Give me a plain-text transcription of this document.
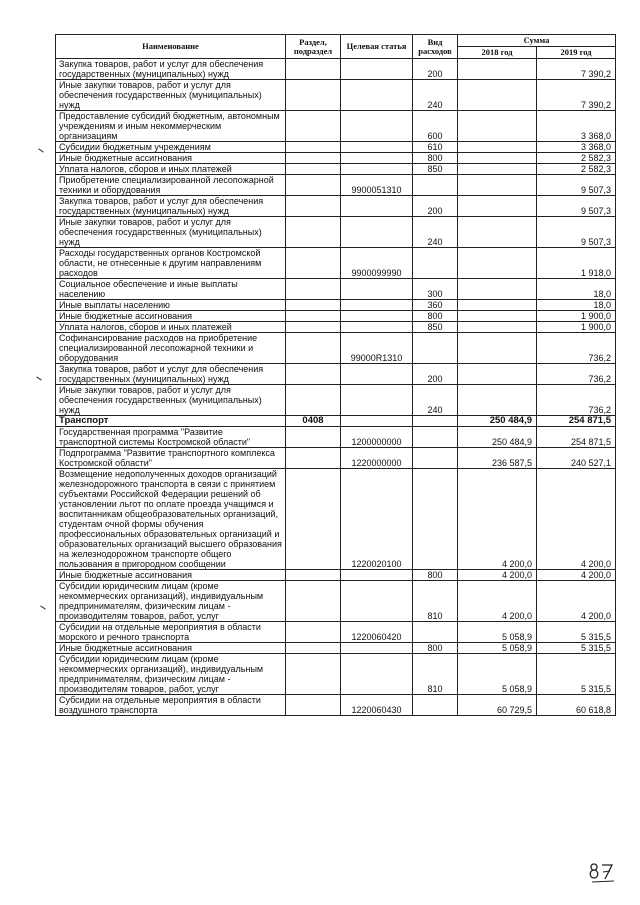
Наименование	Раздел, подраздел	Целевая статья	Вид расходов	Сумма	
				2018 год	2019 год
Закупка товаров, работ и услуг для обеспечения государственных (муниципальных) нужд			200		7 390,2
Иные закупки товаров, работ и услуг для обеспечения государственных (муниципальных) нужд			240		7 390,2
Предоставление субсидий бюджетным, автономным учреждениям и иным некоммерческим организациям			600		3 368,0
Субсидии бюджетным учреждениям			610		3 368,0
Иные бюджетные ассигнования			800		2 582,3
Уплата налогов, сборов и иных платежей			850		2 582,3
Приобретение специализированной лесопожарной техники и оборудования		9900051310			9 507,3
Закупка товаров, работ и услуг для обеспечения государственных (муниципальных) нужд			200		9 507,3
Иные закупки товаров, работ и услуг для обеспечения государственных (муниципальных) нужд			240		9 507,3
Расходы государственных органов Костромской области, не отнесенные к другим направлениям расходов		9900099990			1 918,0
Социальное обеспечение и иные выплаты населению			300		18,0
Иные выплаты населению			360		18,0
Иные бюджетные ассигнования			800		1 900,0
Уплата налогов, сборов и иных платежей			850		1 900,0
Софинансирование расходов на приобретение специализированной лесопожарной техники и оборудования		99000R1310			736,2
Закупка товаров, работ и услуг для обеспечения государственных (муниципальных) нужд			200		736,2
Иные закупки товаров, работ и услуг для обеспечения государственных (муниципальных) нужд			240		736,2
Транспорт	0408			250 484,9	254 871,5
Государственная программа "Развитие транспортной системы Костромской области"		1200000000		250 484,9	254 871,5
Подпрограмма "Развитие транспортного комплекса Костромской области"		1220000000		236 587,5	240 527,1
Возмещение недополученных доходов организаций железнодорожного транспорта в связи с принятием субъектами Российской Федерации решений об установлении льгот по оплате проезда учащимся и воспитанникам общеобразовательных организаций, студентам очной формы обучения профессиональных образовательных организаций и образовательных организаций высшего образования на железнодорожном транспорте общего пользования в пригородном сообщении		1220020100		4 200,0	4 200,0
Иные бюджетные ассигнования			800	4 200,0	4 200,0
Субсидии юридическим лицам (кроме некоммерческих организаций), индивидуальным предпринимателям, физическим лицам - производителям товаров, работ, услуг			810	4 200,0	4 200,0
Субсидии на отдельные мероприятия в области морского и речного транспорта		1220060420		5 058,9	5 315,5
Иные бюджетные ассигнования			800	5 058,9	5 315,5
Субсидии юридическим лицам (кроме некоммерческих организаций), индивидуальным предпринимателям, физическим лицам - производителям товаров, работ, услуг			810	5 058,9	5 315,5
Субсидии на отдельные мероприятия в области воздушного транспорта		1220060430		60 729,5	60 618,8
